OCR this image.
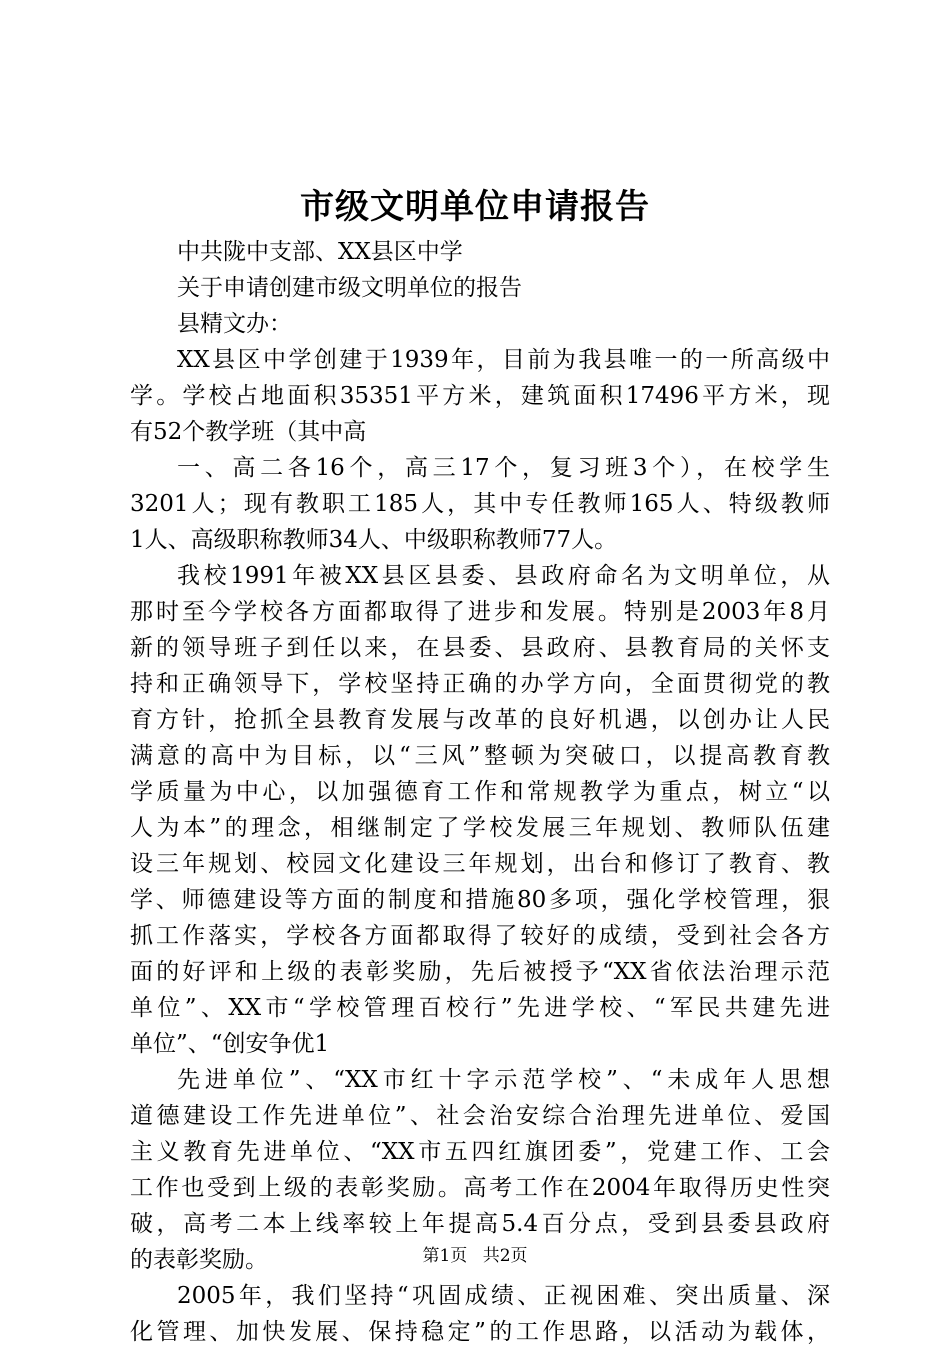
市级文明单位申请报告

中共陇中支部、XX县区中学

关于申请创建市级文明单位的报告

县精文办：

XX县区中学创建于1939年，目前为我县唯一的一所高级中

学。学校占地面积35351平方米，建筑面积17496平方米，现

有52个教学班（其中高

一、高二各16个，高三17个，复习班3个），在校学生

3201人；现有教职工185人，其中专任教师165人、特级教师

1人、高级职称教师34人、中级职称教师77人。

我校1991年被XX县区县委、县政府命名为文明单位，从

那时至今学校各方面都取得了进步和发展。特别是2003年8月

新的领导班子到任以来，在县委、县政府、县教育局的关怀支

持和正确领导下，学校坚持正确的办学方向，全面贯彻党的教

育方针，抢抓全县教育发展与改革的良好机遇，以创办让人民

满意的高中为目标，以“三风”整顿为突破口，以提高教育教

学质量为中心，以加强德育工作和常规教学为重点，树立“以

人为本”的理念，相继制定了学校发展三年规划、教师队伍建

设三年规划、校园文化建设三年规划，出台和修订了教育、教

学、师德建设等方面的制度和措施80多项，强化学校管理，狠

抓工作落实，学校各方面都取得了较好的成绩，受到社会各方

面的好评和上级的表彰奖励，先后被授予“XX省依法治理示范

单位”、XX市“学校管理百校行”先进学校、“军民共建先进

单位”、“创安争优1

先进单位”、“XX市红十字示范学校”、“未成年人思想

道德建设工作先进单位”、社会治安综合治理先进单位、爱国

主义教育先进单位、“XX市五四红旗团委”，党建工作、工会

工作也受到上级的表彰奖励。高考工作在2004年取得历史性突

破，高考二本上线率较上年提高5.4百分点，受到县委县政府

的表彰奖励。

2005年，我们坚持“巩固成绩、正视困难、突出质量、深

化管理、加快发展、保持稳定”的工作思路，以活动为载体，

第1页 共2页
